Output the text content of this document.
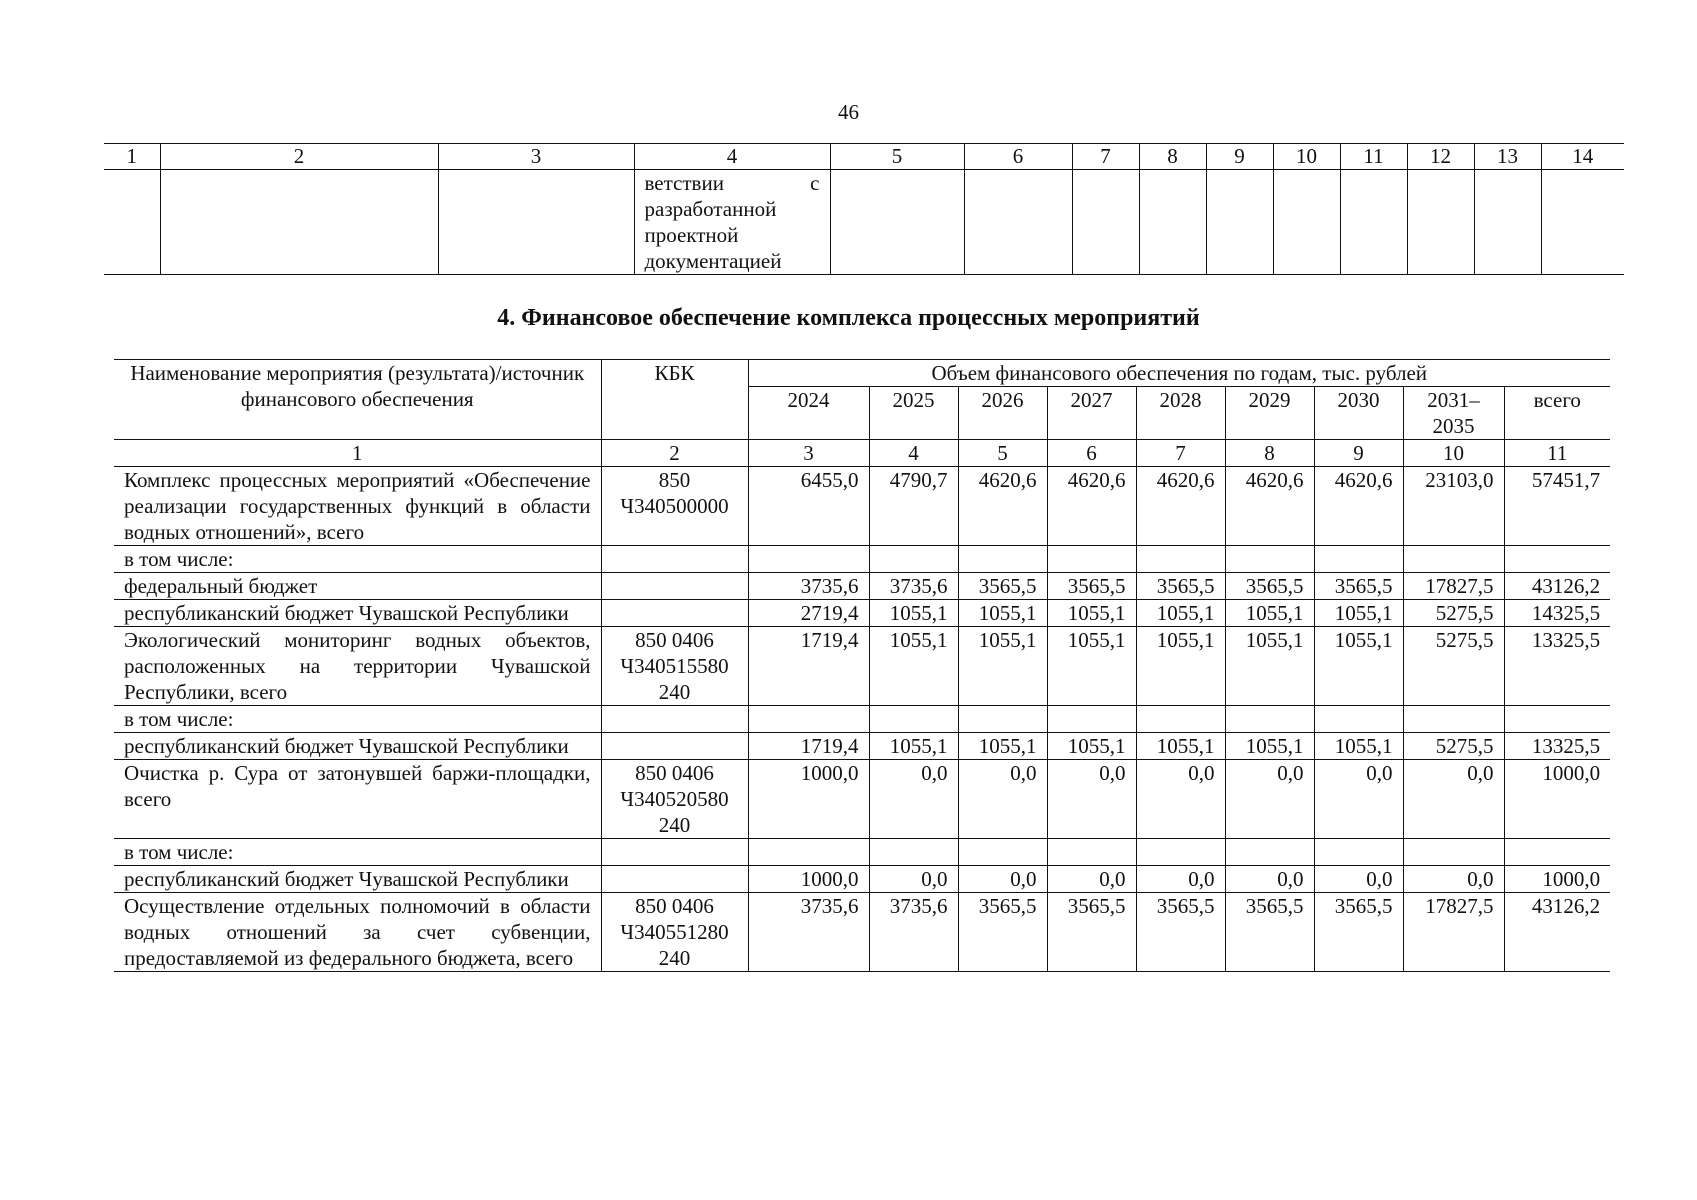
46
1	2	3	4	5	6	7	8	9	10	11	12	13	14
			ветствии с разработанной проектной документацией										
4. Финансовое обеспечение комплекса процессных мероприятий
Наименование мероприятия (результата)/источник финансового обеспечения	КБК	Объем финансового обеспечения по годам, тыс. рублей								
		2024	2025	2026	2027	2028	2029	2030	2031–2035	всего
1	2	3	4	5	6	7	8	9	10	11
Комплекс процессных мероприятий «Обеспечение реализации государственных функций в области водных отношений», всего	850 Ч340500000	6455,0	4790,7	4620,6	4620,6	4620,6	4620,6	4620,6	23103,0	57451,7
в том числе:										
федеральный бюджет		3735,6	3735,6	3565,5	3565,5	3565,5	3565,5	3565,5	17827,5	43126,2
республиканский бюджет Чувашской Республики		2719,4	1055,1	1055,1	1055,1	1055,1	1055,1	1055,1	5275,5	14325,5
Экологический мониторинг водных объектов, расположенных на территории Чувашской Республики, всего	850 0406 Ч340515580 240	1719,4	1055,1	1055,1	1055,1	1055,1	1055,1	1055,1	5275,5	13325,5
в том числе:										
республиканский бюджет Чувашской Республики		1719,4	1055,1	1055,1	1055,1	1055,1	1055,1	1055,1	5275,5	13325,5
Очистка р. Сура от затонувшей баржи-площадки, всего	850 0406 Ч340520580 240	1000,0	0,0	0,0	0,0	0,0	0,0	0,0	0,0	1000,0
в том числе:										
республиканский бюджет Чувашской Республики		1000,0	0,0	0,0	0,0	0,0	0,0	0,0	0,0	1000,0
Осуществление отдельных полномочий в области водных отношений за счет субвенции, предоставляемой из федерального бюджета, всего	850 0406 Ч340551280 240	3735,6	3735,6	3565,5	3565,5	3565,5	3565,5	3565,5	17827,5	43126,2
